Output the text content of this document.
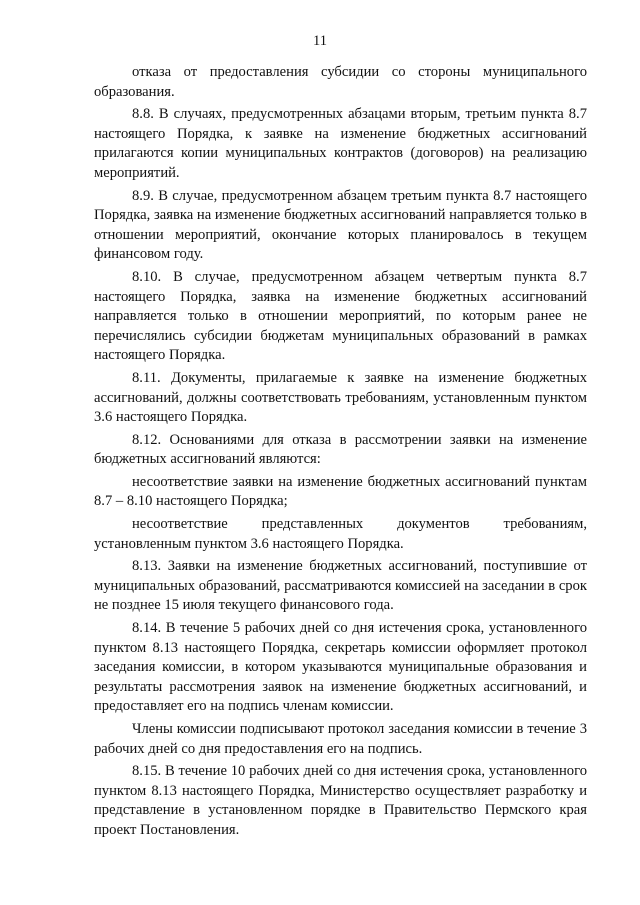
11

отказа от предоставления субсидии со стороны муниципального образования.

8.8. В случаях, предусмотренных абзацами вторым, третьим пункта 8.7 настоящего Порядка, к заявке на изменение бюджетных ассигнований прилагаются копии муниципальных контрактов (договоров) на реализацию мероприятий.

8.9. В случае, предусмотренном абзацем третьим пункта 8.7 настоящего Порядка, заявка на изменение бюджетных ассигнований направляется только в отношении мероприятий, окончание которых планировалось в текущем финансовом году.

8.10. В случае, предусмотренном абзацем четвертым пункта 8.7 настоящего Порядка, заявка на изменение бюджетных ассигнований направляется только в отношении мероприятий, по которым ранее не перечислялись субсидии бюджетам муниципальных образований в рамках настоящего Порядка.

8.11. Документы, прилагаемые к заявке на изменение бюджетных ассигнований, должны соответствовать требованиям, установленным пунктом 3.6 настоящего Порядка.

8.12. Основаниями для отказа в рассмотрении заявки на изменение бюджетных ассигнований являются:

несоответствие заявки на изменение бюджетных ассигнований пунктам 8.7 – 8.10 настоящего Порядка;

несоответствие представленных документов требованиям, установленным пунктом 3.6 настоящего Порядка.

8.13. Заявки на изменение бюджетных ассигнований, поступившие от муниципальных образований, рассматриваются комиссией на заседании в срок не позднее 15 июля текущего финансового года.

8.14. В течение 5 рабочих дней со дня истечения срока, установленного пунктом 8.13 настоящего Порядка, секретарь комиссии оформляет протокол заседания комиссии, в котором указываются муниципальные образования и результаты рассмотрения заявок на изменение бюджетных ассигнований, и предоставляет его на подпись членам комиссии.

Члены комиссии подписывают протокол заседания комиссии в течение 3 рабочих дней со дня предоставления его на подпись.

8.15. В течение 10 рабочих дней со дня истечения срока, установленного пунктом 8.13 настоящего Порядка, Министерство осуществляет разработку и представление в установленном порядке в Правительство Пермского края проект Постановления.
